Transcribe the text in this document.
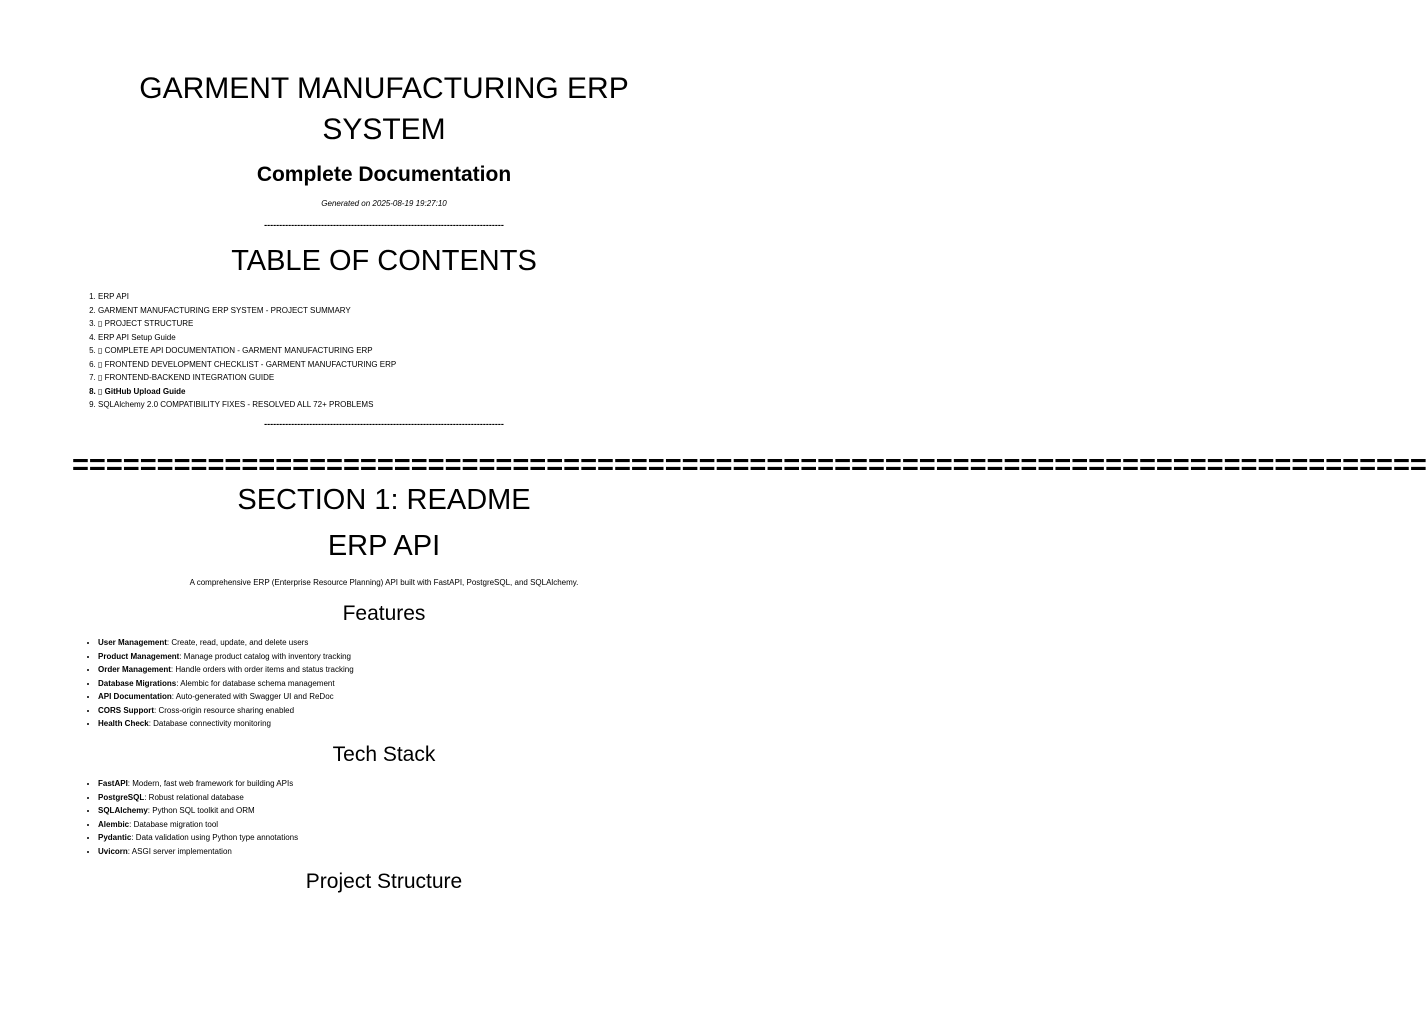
GARMENT MANUFACTURING ERP
SYSTEM
Complete Documentation
Generated on 2025-08-19 19:27:10
--------------------------------------------------------------------------------
TABLE OF CONTENTS
1. ERP API
2. GARMENT MANUFACTURING ERP SYSTEM - PROJECT SUMMARY
3. ▯ PROJECT STRUCTURE
4. ERP API Setup Guide
5. ▯ COMPLETE API DOCUMENTATION - GARMENT MANUFACTURING ERP
6. ▯ FRONTEND DEVELOPMENT CHECKLIST - GARMENT MANUFACTURING ERP
7. ▯ FRONTEND-BACKEND INTEGRATION GUIDE
8. ▯ GitHub Upload Guide
9. SQLAlchemy 2.0 COMPATIBILITY FIXES - RESOLVED ALL 72+ PROBLEMS
--------------------------------------------------------------------------------
================================================================================
SECTION 1: README
ERP API
A comprehensive ERP (Enterprise Resource Planning) API built with FastAPI, PostgreSQL, and SQLAlchemy.
Features
• User Management: Create, read, update, and delete users
• Product Management: Manage product catalog with inventory tracking
• Order Management: Handle orders with order items and status tracking
• Database Migrations: Alembic for database schema management
• API Documentation: Auto-generated with Swagger UI and ReDoc
• CORS Support: Cross-origin resource sharing enabled
• Health Check: Database connectivity monitoring
Tech Stack
• FastAPI: Modern, fast web framework for building APIs
• PostgreSQL: Robust relational database
• SQLAlchemy: Python SQL toolkit and ORM
• Alembic: Database migration tool
• Pydantic: Data validation using Python type annotations
• Uvicorn: ASGI server implementation
Project Structure
